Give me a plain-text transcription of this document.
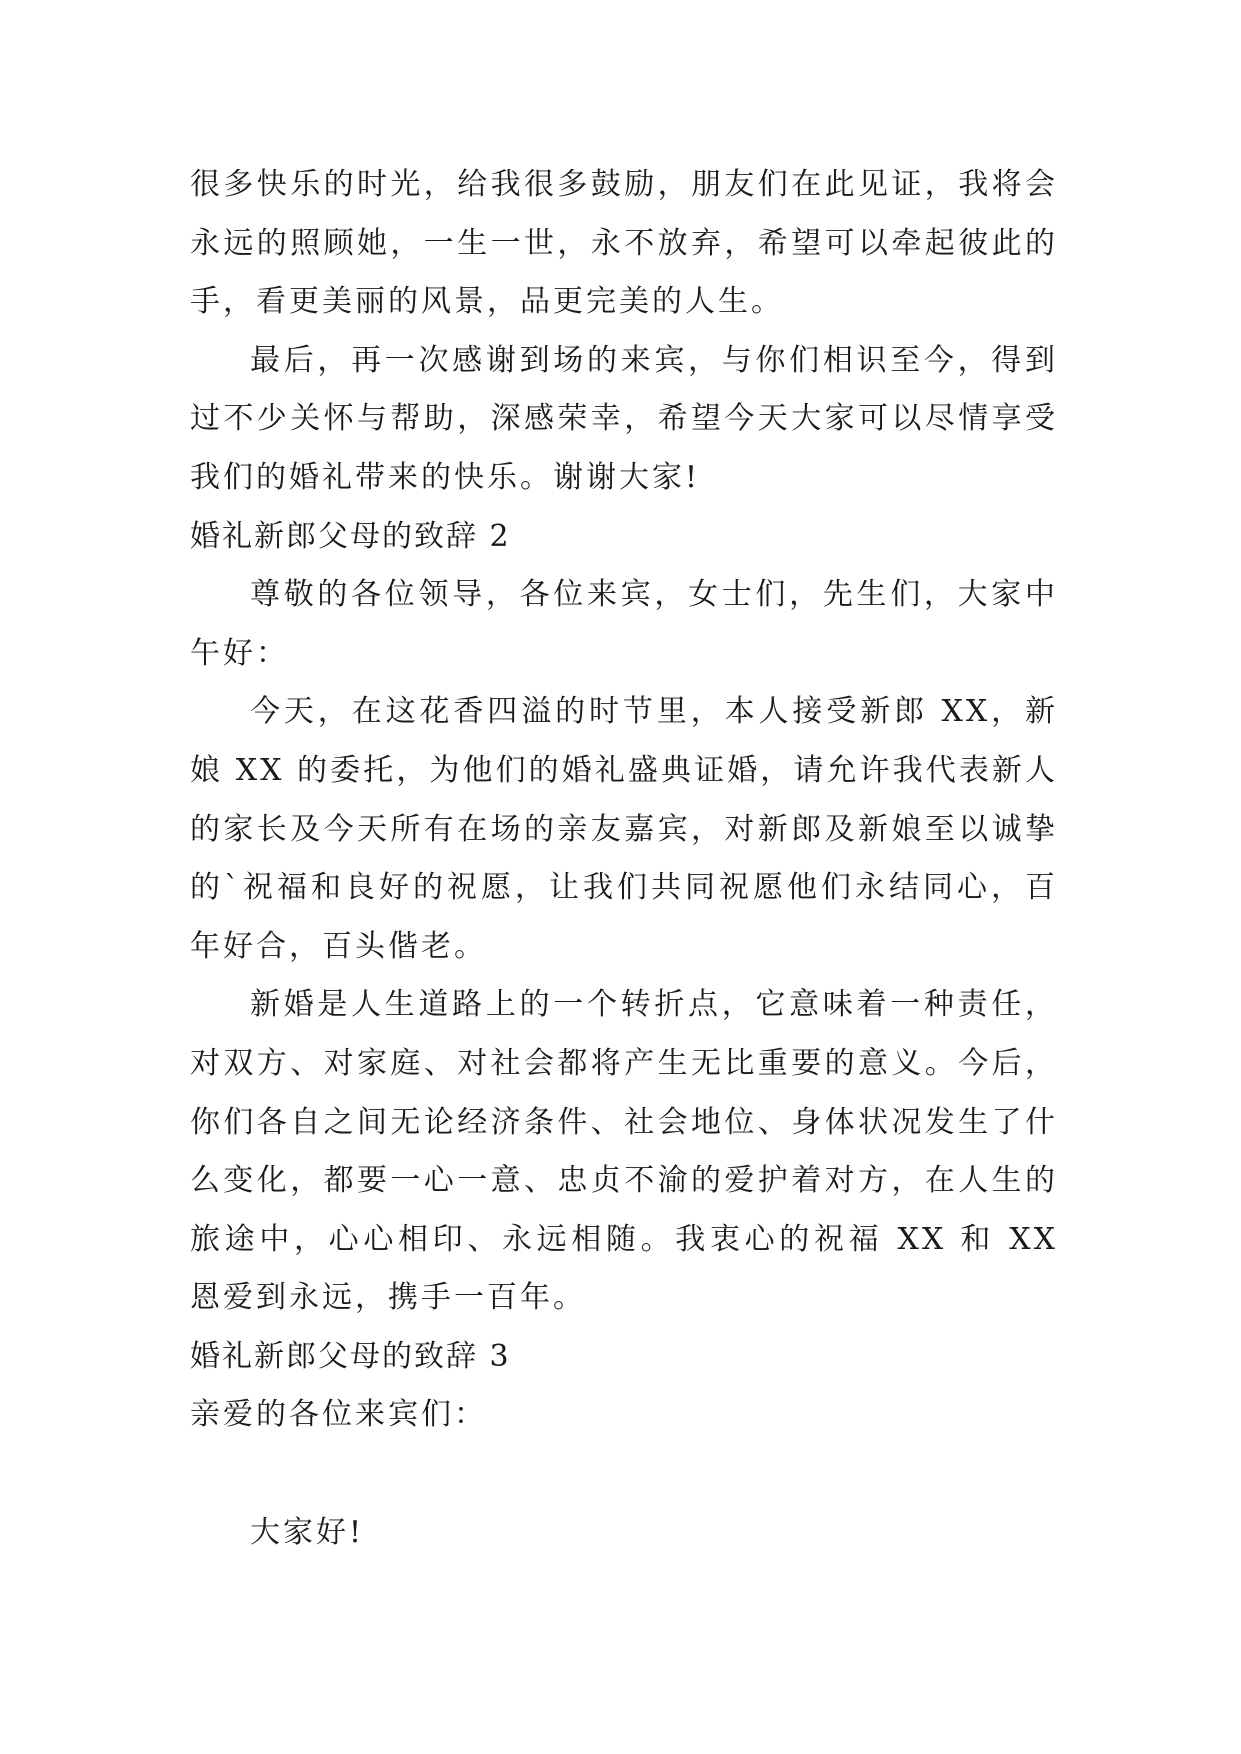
很多快乐的时光，给我很多鼓励，朋友们在此见证，我将会永远的照顾她，一生一世，永不放弃，希望可以牵起彼此的手，看更美丽的风景，品更完美的人生。

最后，再一次感谢到场的来宾，与你们相识至今，得到过不少关怀与帮助，深感荣幸，希望今天大家可以尽情享受我们的婚礼带来的快乐。谢谢大家!

婚礼新郎父母的致辞 2

尊敬的各位领导，各位来宾，女士们，先生们，大家中午好：

今天，在这花香四溢的时节里，本人接受新郎 XX，新娘 XX 的委托，为他们的婚礼盛典证婚，请允许我代表新人的家长及今天所有在场的亲友嘉宾，对新郎及新娘至以诚挚的`祝福和良好的祝愿，让我们共同祝愿他们永结同心，百年好合，百头偕老。

新婚是人生道路上的一个转折点，它意味着一种责任，对双方、对家庭、对社会都将产生无比重要的意义。今后，你们各自之间无论经济条件、社会地位、身体状况发生了什么变化，都要一心一意、忠贞不渝的爱护着对方，在人生的旅途中，心心相印、永远相随。我衷心的祝福 XX 和 XX 恩爱到永远，携手一百年。

婚礼新郎父母的致辞 3

亲爱的各位来宾们：

大家好!
